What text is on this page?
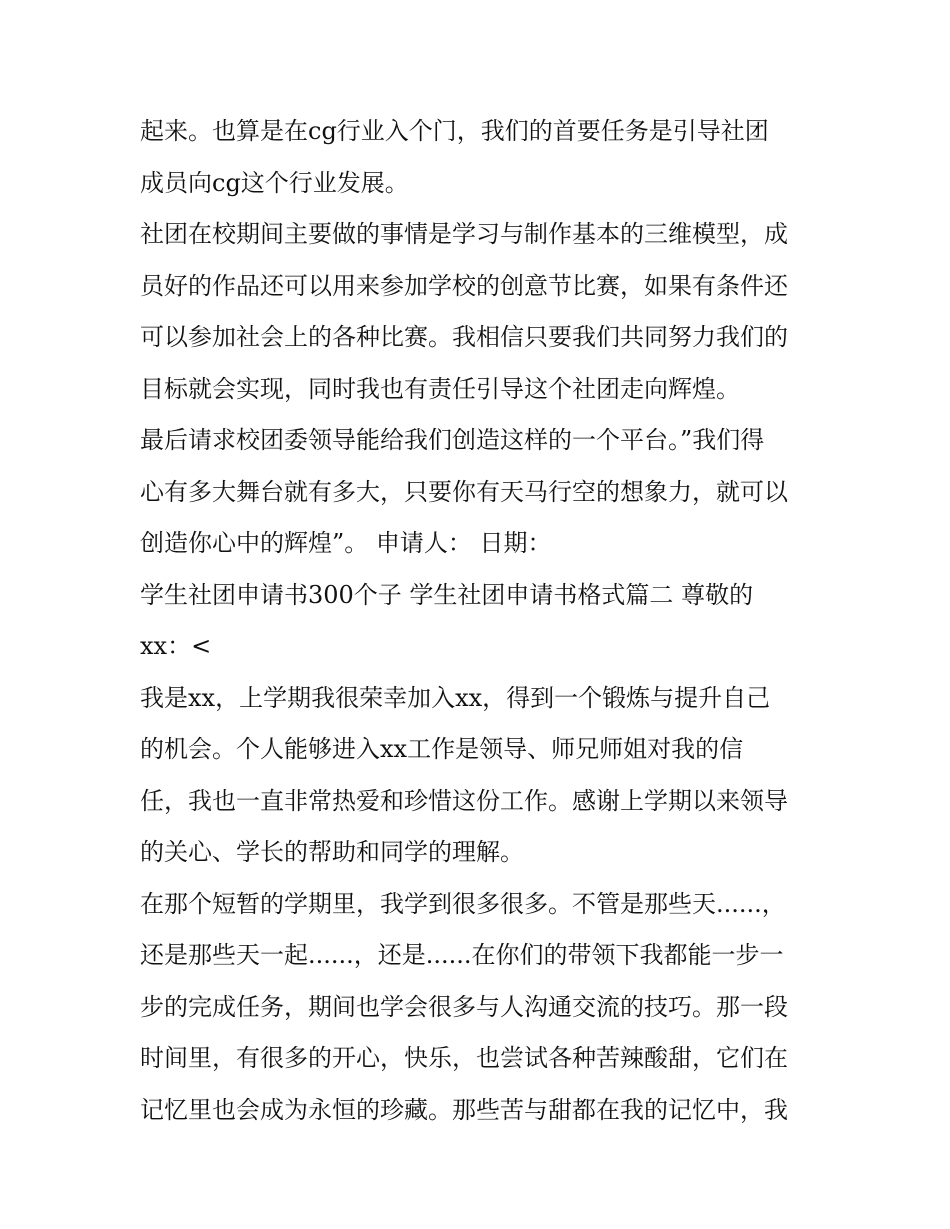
起来。也算是在cg行业入个门，我们的首要任务是引导社团
成员向cg这个行业发展。
社团在校期间主要做的事情是学习与制作基本的三维模型，成
员好的作品还可以用来参加学校的创意节比赛，如果有条件还
可以参加社会上的各种比赛。我相信只要我们共同努力我们的
目标就会实现，同时我也有责任引导这个社团走向辉煌。
最后请求校团委领导能给我们创造这样的一个平台。”我们得
心有多大舞台就有多大，只要你有天马行空的想象力，就可以
创造你心中的辉煌”。 申请人： 日期：
学生社团申请书300个子 学生社团申请书格式篇二 尊敬的
xx：<
我是xx，上学期我很荣幸加入xx，得到一个锻炼与提升自己
的机会。个人能够进入xx工作是领导、师兄师姐对我的信
任，我也一直非常热爱和珍惜这份工作。感谢上学期以来领导
的关心、学长的帮助和同学的理解。
在那个短暂的学期里，我学到很多很多。不管是那些天......，
还是那些天一起......，还是......在你们的带领下我都能一步一
步的完成任务，期间也学会很多与人沟通交流的技巧。那一段
时间里，有很多的开心，快乐，也尝试各种苦辣酸甜，它们在
记忆里也会成为永恒的珍藏。那些苦与甜都在我的记忆中，我
